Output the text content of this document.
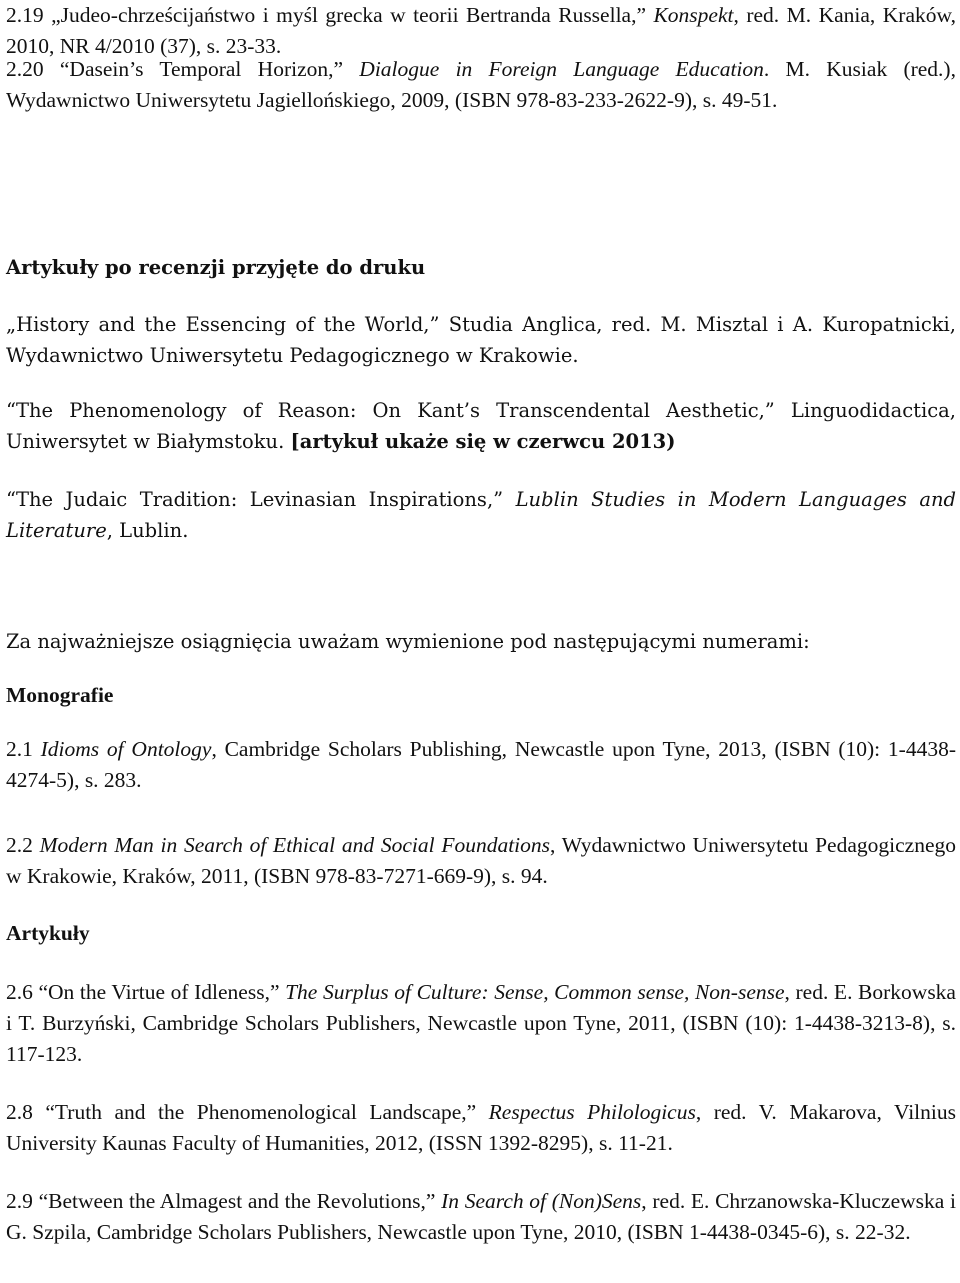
2.19 „Judeo-chrześcijaństwo i myśl grecka w teorii Bertranda Russella,” Konspekt, red. M. Kania, Kraków, 2010, NR 4/2010 (37), s. 23-33.

2.20 “Dasein’s Temporal Horizon,” Dialogue in Foreign Language Education. M. Kusiak (red.), Wydawnictwo Uniwersytetu Jagiellońskiego, 2009, (ISBN 978-83-233-2622-9), s. 49-51.

Artykuły po recenzji przyjęte do druku

„History and the Essencing of the World,” Studia Anglica, red. M. Misztal i A. Kuropatnicki, Wydawnictwo Uniwersytetu Pedagogicznego w Krakowie.

“The Phenomenology of Reason: On Kant’s Transcendental Aesthetic,” Linguodidactica, Uniwersytet w Białymstoku. [artykuł ukaże się w czerwcu 2013)

“The Judaic Tradition: Levinasian Inspirations,” Lublin Studies in Modern Languages and Literature, Lublin.

Za najważniejsze osiągnięcia uważam wymienione pod następującymi numerami:

Monografie

2.1 Idioms of Ontology, Cambridge Scholars Publishing, Newcastle upon Tyne, 2013, (ISBN (10): 1-4438-4274-5), s. 283.

2.2 Modern Man in Search of Ethical and Social Foundations, Wydawnictwo Uniwersytetu Pedagogicznego w Krakowie, Kraków, 2011, (ISBN 978-83-7271-669-9), s. 94.

Artykuły

2.6 “On the Virtue of Idleness,” The Surplus of Culture: Sense, Common sense, Non-sense, red. E. Borkowska i T. Burzyński, Cambridge Scholars Publishers, Newcastle upon Tyne, 2011, (ISBN (10): 1-4438-3213-8), s. 117-123.

2.8 “Truth and the Phenomenological Landscape,” Respectus Philologicus, red. V. Makarova, Vilnius University Kaunas Faculty of Humanities, 2012, (ISSN 1392-8295), s. 11-21.

2.9 “Between the Almagest and the Revolutions,” In Search of (Non)Sens, red. E. Chrzanowska-Kluczewska i G. Szpila, Cambridge Scholars Publishers, Newcastle upon Tyne, 2010, (ISBN 1-4438-0345-6), s. 22-32.
